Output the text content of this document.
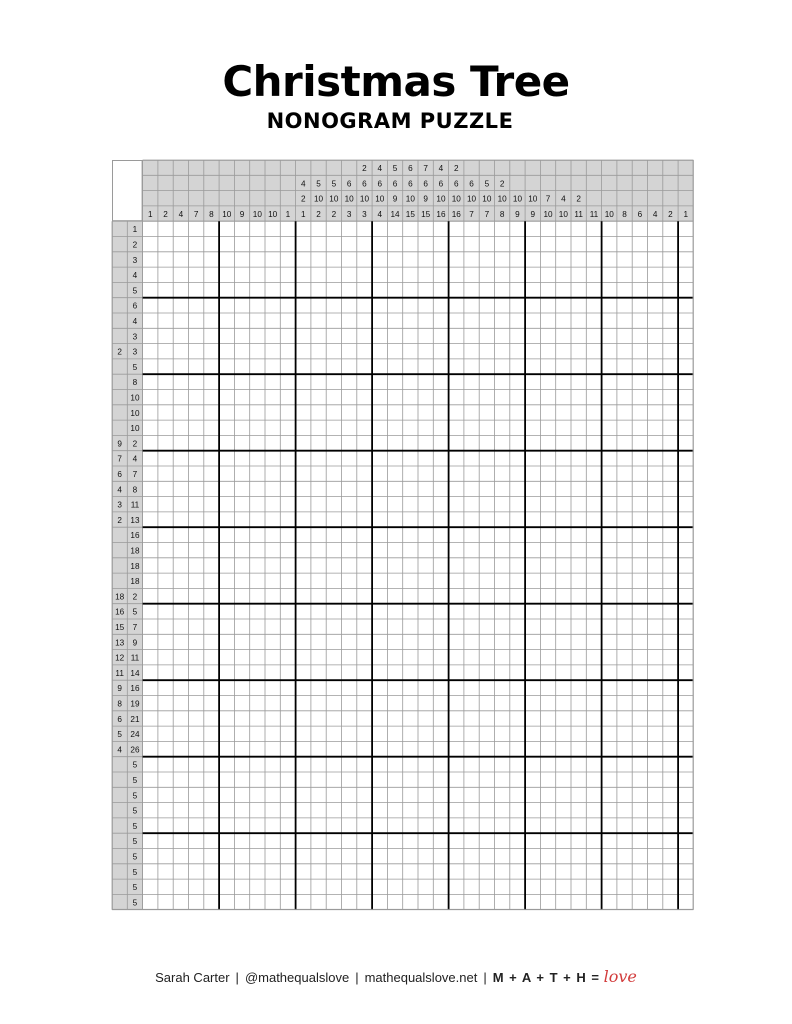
Christmas Tree
NONOGRAM PUZZLE
1 2 4 7 8 10 9 10 10 1
4
2
1
5
10
2
5
10
2
6
10
3
2
6
10
3
4
6
10
4
5
6
9
14
6
6
10
15
7
6
9
15
4
6
10
16
2
6
10
16
6
10
7
5
10
7
2
10
8
10
9
10
9
7
10
4
10
2
11 11 10 8 6 4 2 1
1
2
3
4
5
6
4
3
2 3
5
8
10
10
10
9 2
7 4
6 7
4 8
3 11
2 13
16
18
18
18
18 2
16 5
15 7
13 9
12 11
11 14
9 16
8 19
6 21
5 24
4 26
5
5
5
5
5
5
5
5
5
5
Sarah Carter | @mathequalslove | mathequalslove.net | M + A + T + H = love
